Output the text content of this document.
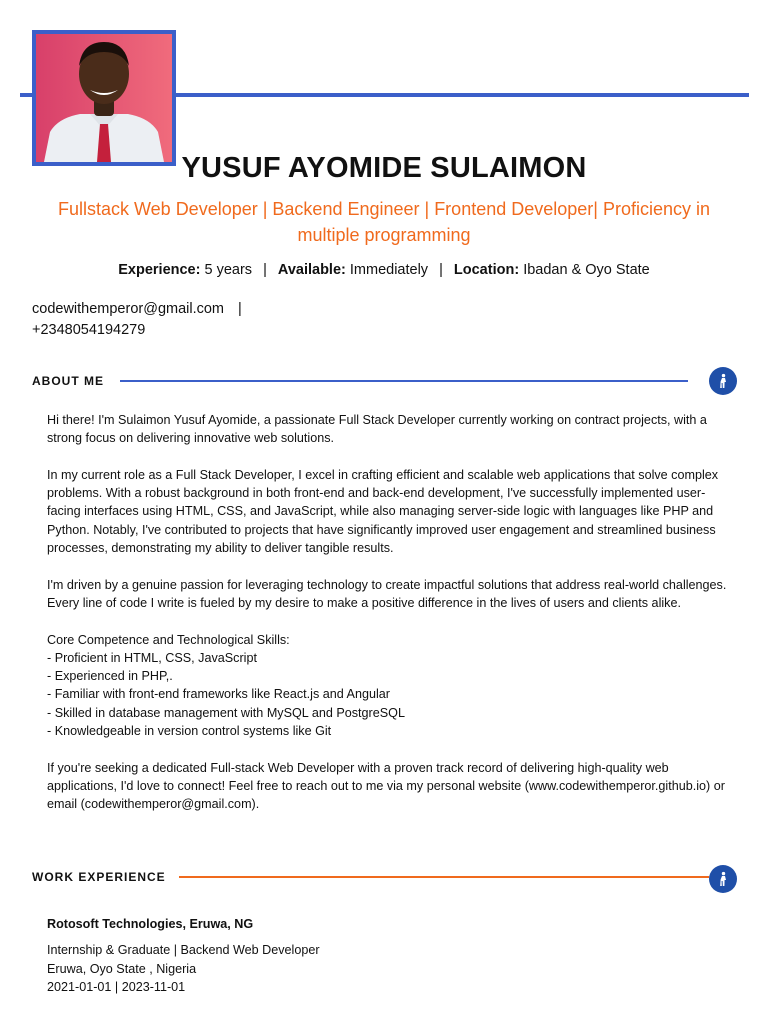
YUSUF AYOMIDE SULAIMON
Fullstack Web Developer | Backend Engineer | Frontend Developer| Proficiency in multiple programming
Experience: 5 years | Available: Immediately | Location: Ibadan & Oyo State
codewithemperor@gmail.com |
+2348054194279
ABOUT ME

Hi there! I'm Sulaimon Yusuf Ayomide, a passionate Full Stack Developer currently working on contract projects, with a strong focus on delivering innovative web solutions.

In my current role as a Full Stack Developer, I excel in crafting efficient and scalable web applications that solve complex problems. With a robust background in both front-end and back-end development, I've successfully implemented user-facing interfaces using HTML, CSS, and JavaScript, while also managing server-side logic with languages like PHP and Python. Notably, I've contributed to projects that have significantly improved user engagement and streamlined business processes, demonstrating my ability to deliver tangible results.

I'm driven by a genuine passion for leveraging technology to create impactful solutions that address real-world challenges. Every line of code I write is fueled by my desire to make a positive difference in the lives of users and clients alike.

Core Competence and Technological Skills:
- Proficient in HTML, CSS, JavaScript
- Experienced in PHP,.
- Familiar with front-end frameworks like React.js and Angular
- Skilled in database management with MySQL and PostgreSQL
- Knowledgeable in version control systems like Git

If you're seeking a dedicated Full-stack Web Developer with a proven track record of delivering high-quality web applications, I'd love to connect! Feel free to reach out to me via my personal website (www.codewithemperor.github.io) or email (codewithemperor@gmail.com).

WORK EXPERIENCE
Rotosoft Technologies, Eruwa, NG
Internship & Graduate | Backend Web Developer
Eruwa, Oyo State , Nigeria
2021-01-01 | 2023-11-01
